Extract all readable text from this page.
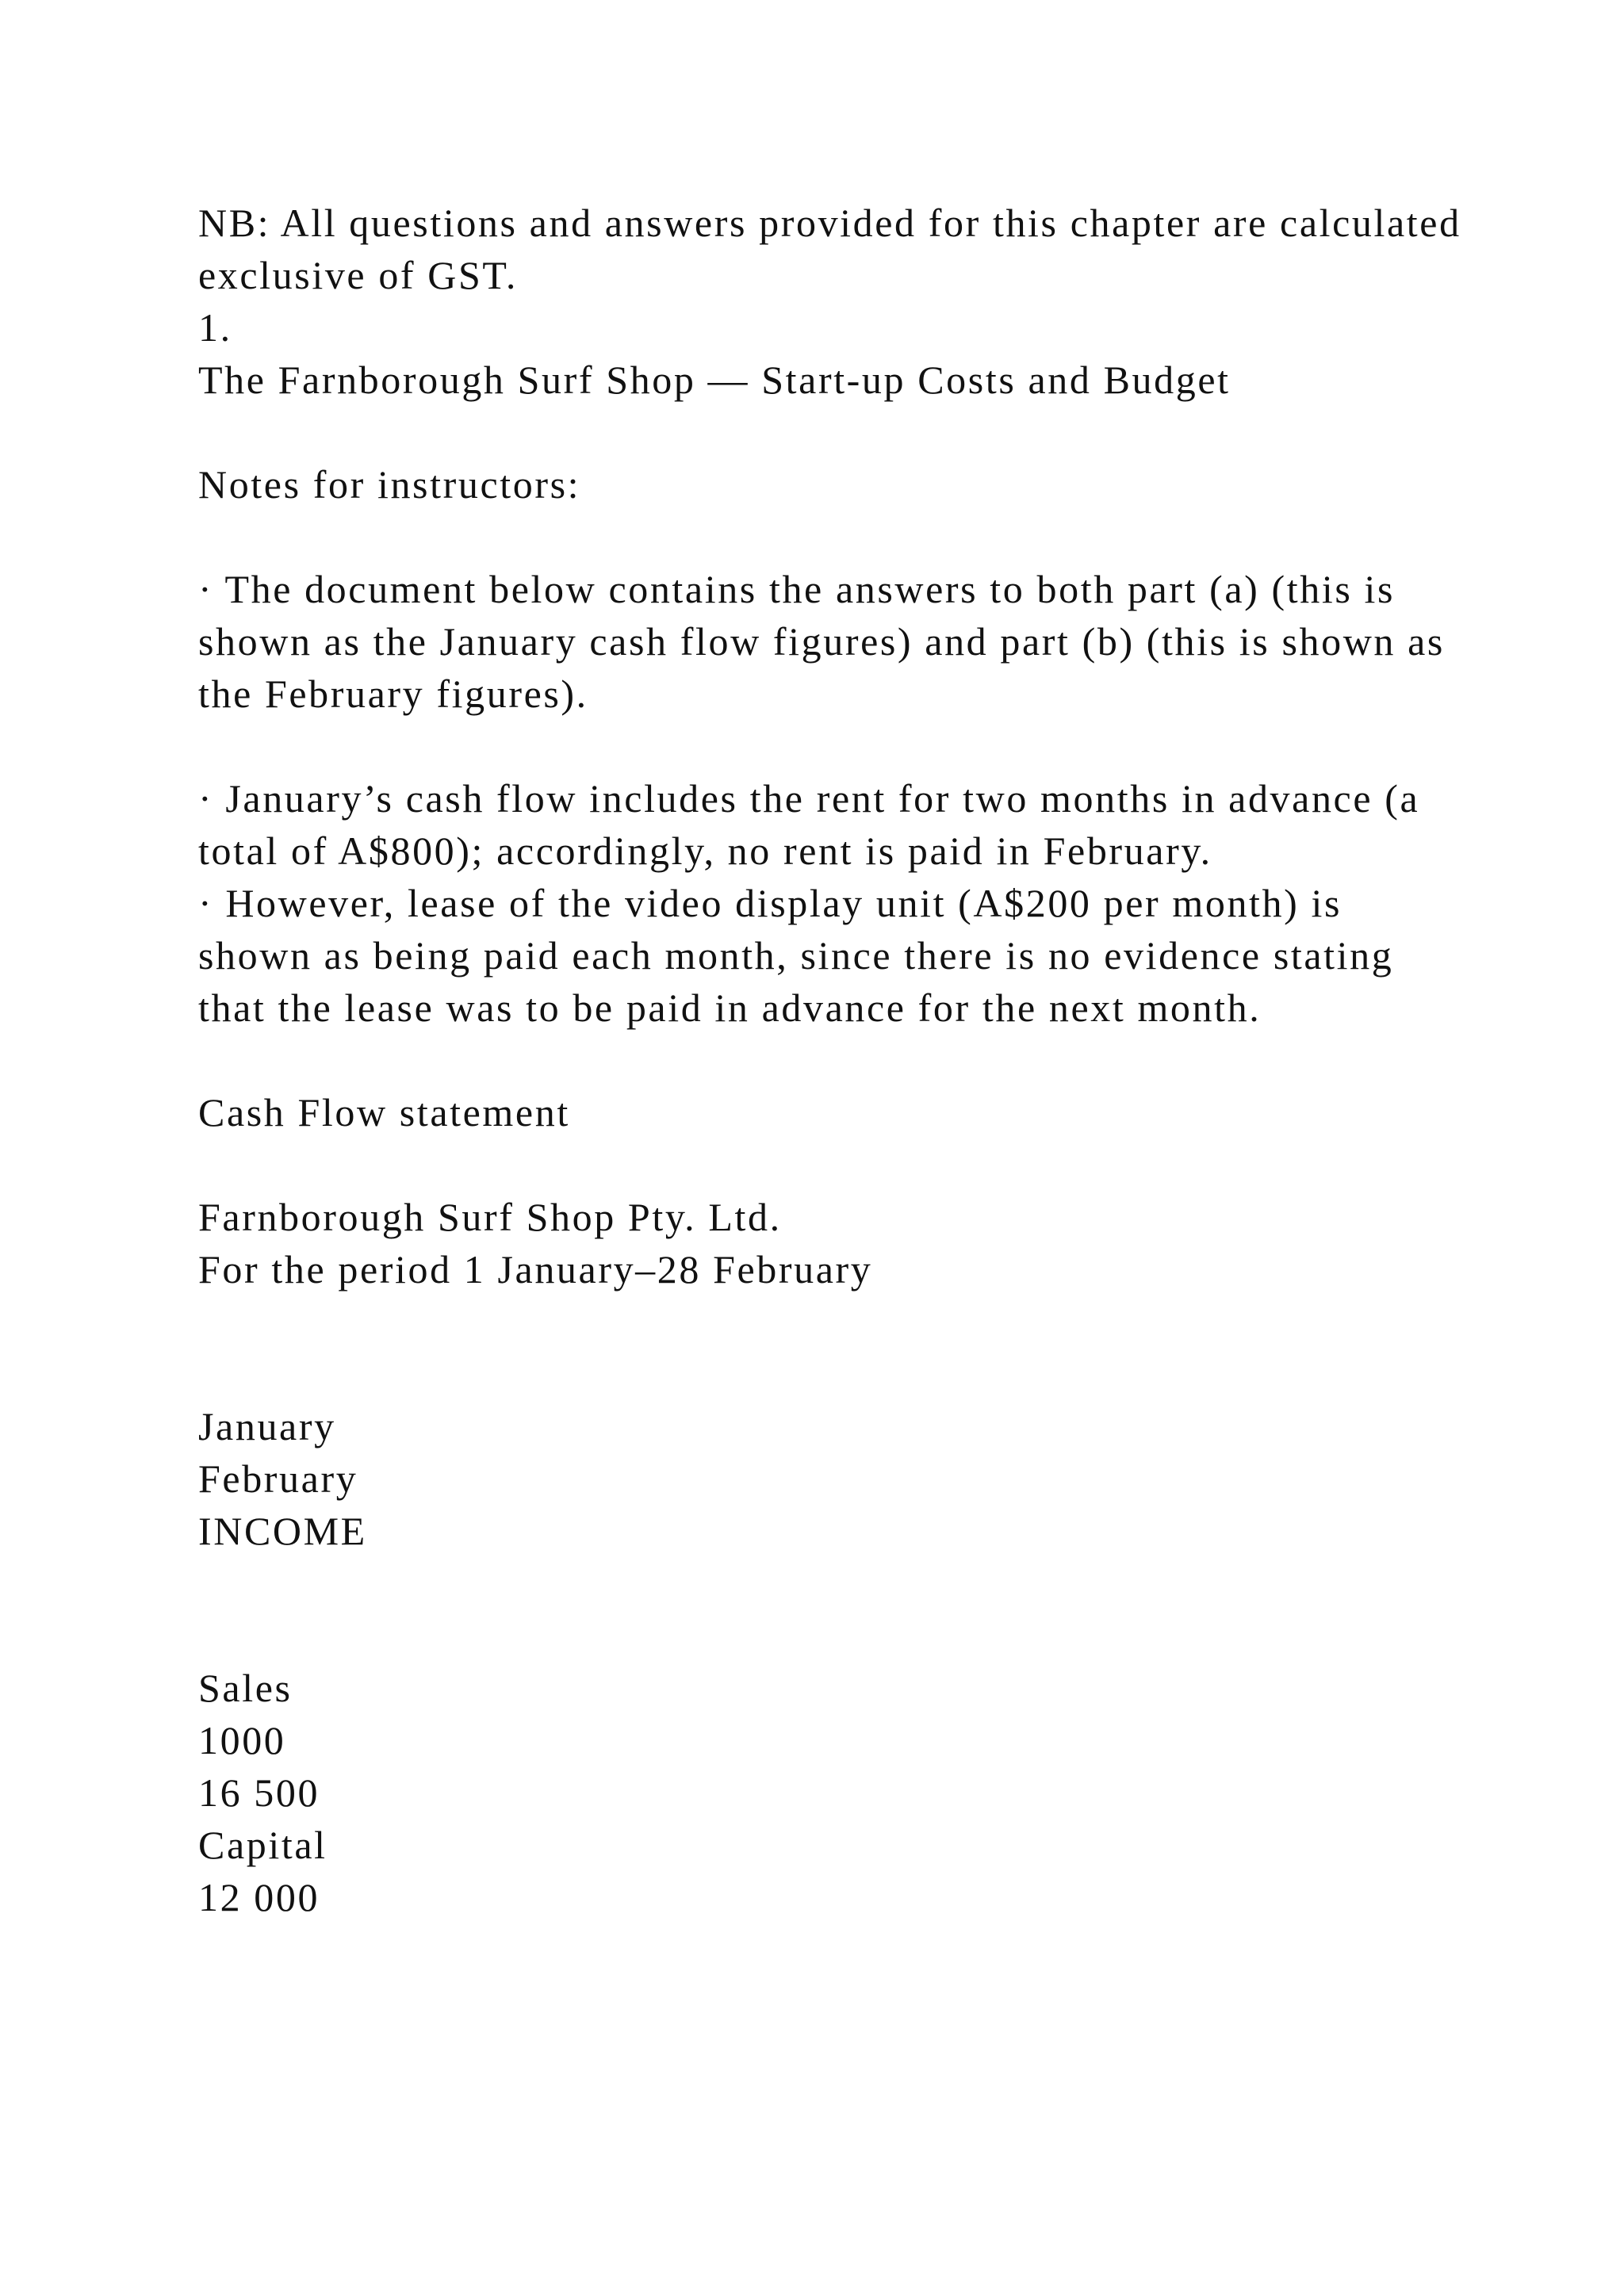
NB: All questions and answers provided for this chapter are calculated exclusive of GST.

1.

The Farnborough Surf Shop — Start-up Costs and Budget

Notes for instructors:

· The document below contains the answers to both part (a) (this is shown as the January cash flow figures) and part (b) (this is shown as the February figures).

· January’s cash flow includes the rent for two months in advance (a total of A$800); accordingly, no rent is paid in February.

· However, lease of the video display unit (A$200 per month) is shown as being paid each month, since there is no evidence stating that the lease was to be paid in advance for the next month.

Cash Flow statement

Farnborough Surf Shop Pty. Ltd.

For the period 1 January–28 February

January

February

INCOME

Sales

1000

16 500

Capital

12 000
